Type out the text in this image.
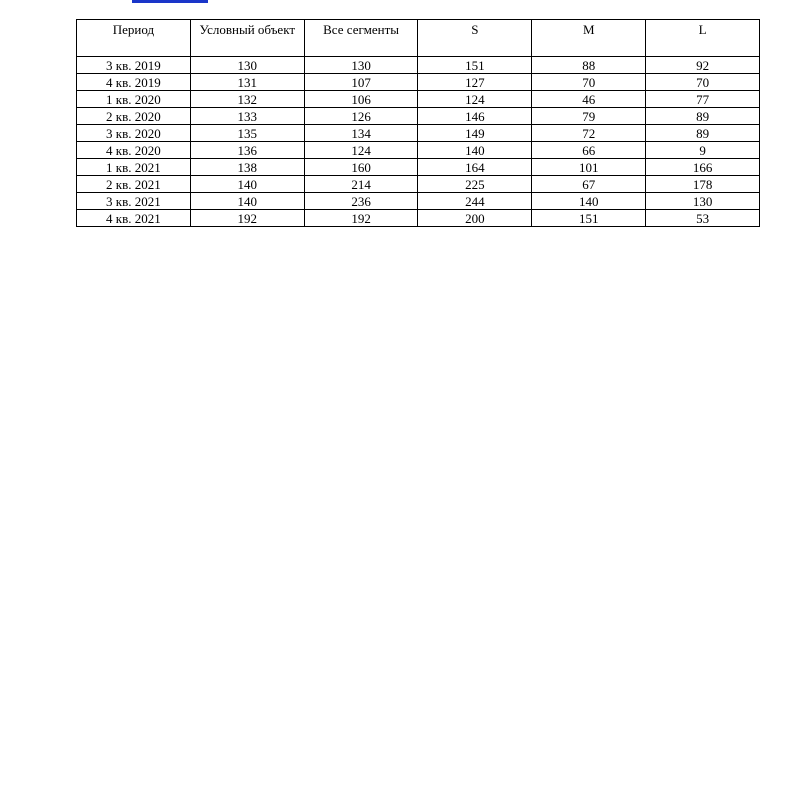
Период	Условный объект	Все сегменты	S	M	L
3 кв. 2019	130	130	151	88	92
4 кв. 2019	131	107	127	70	70
1 кв. 2020	132	106	124	46	77
2 кв. 2020	133	126	146	79	89
3 кв. 2020	135	134	149	72	89
4 кв. 2020	136	124	140	66	9
1 кв. 2021	138	160	164	101	166
2 кв. 2021	140	214	225	67	178
3 кв. 2021	140	236	244	140	130
4 кв. 2021	192	192	200	151	53
